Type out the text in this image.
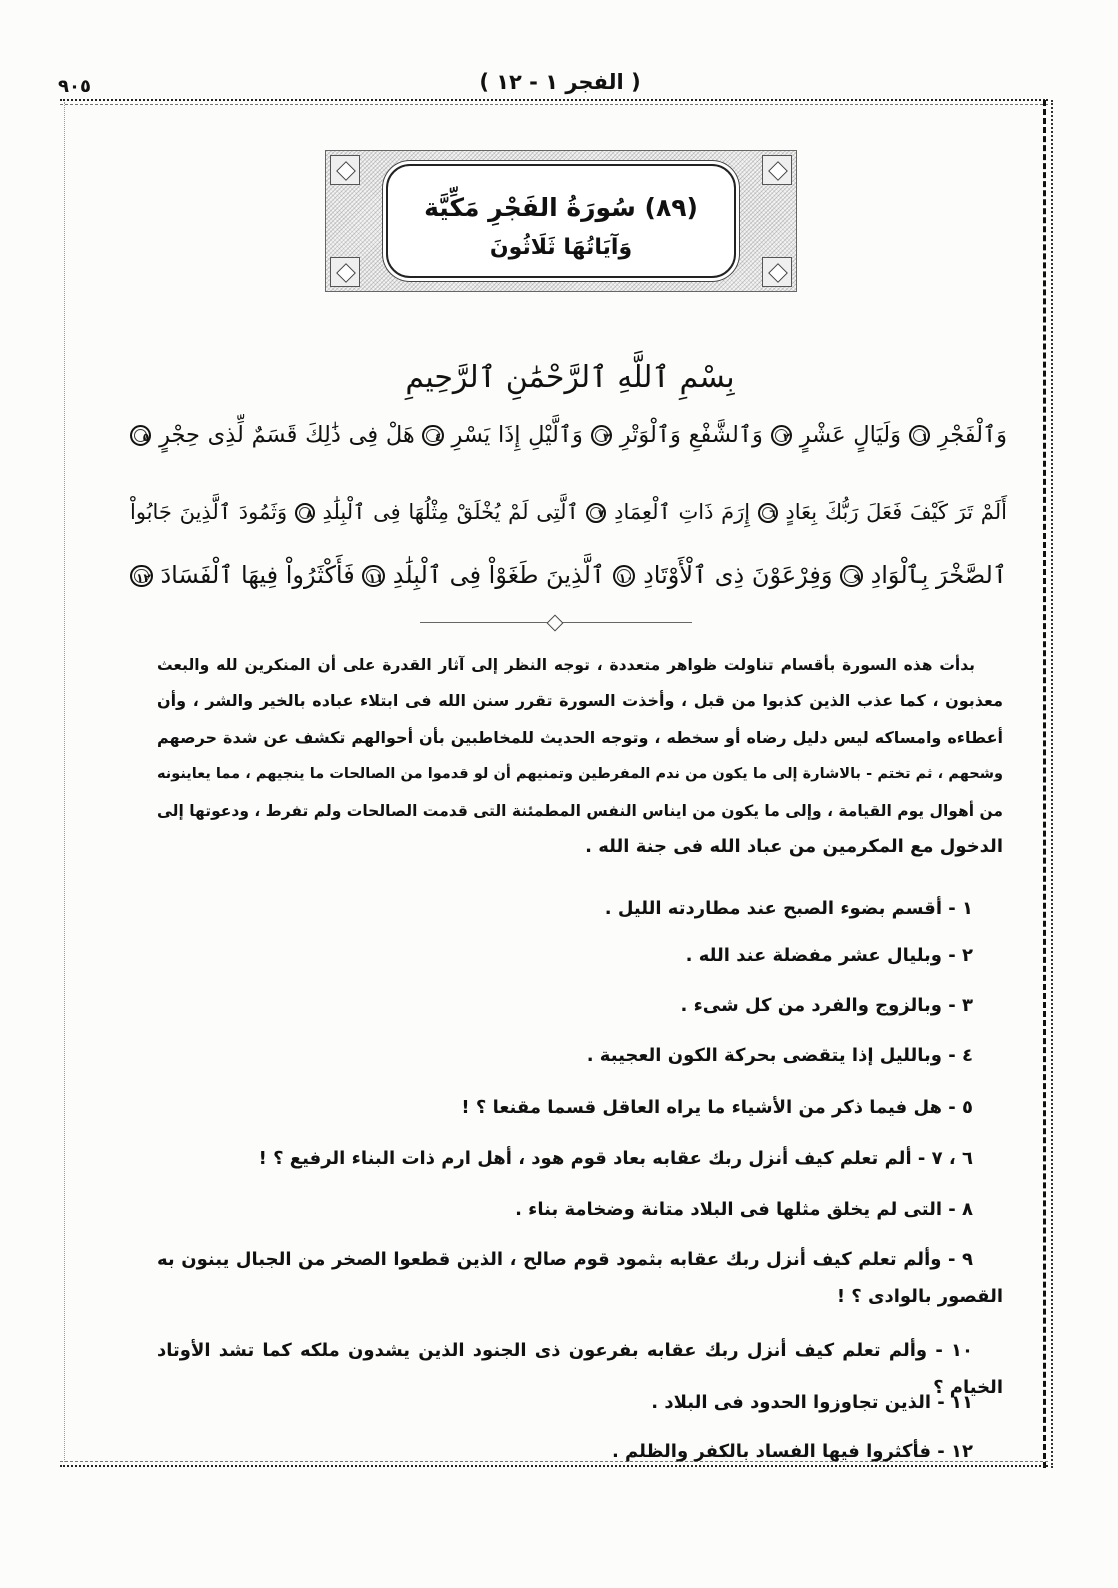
( الفجر ١ - ١٢ )
٩٠٥
(٨٩) سُورَةُ الفَجْرِ مَكِّيَّة
وَآيَاتُهَا ثَلَاثُونَ
بِسْمِ ٱللَّهِ ٱلرَّحْمَٰنِ ٱلرَّحِيمِ
وَٱلْفَجْرِ ١ وَلَيَالٍ عَشْرٍ ٢ وَٱلشَّفْعِ وَٱلْوَتْرِ ٣ وَٱلَّيْلِ إِذَا يَسْرِ ٤ هَلْ فِى ذَٰلِكَ قَسَمٌ لِّذِى حِجْرٍ ٥
أَلَمْ تَرَ كَيْفَ فَعَلَ رَبُّكَ بِعَادٍ ٦ إِرَمَ ذَاتِ ٱلْعِمَادِ ٧ ٱلَّتِى لَمْ يُخْلَقْ مِثْلُهَا فِى ٱلْبِلَٰدِ ٨ وَثَمُودَ ٱلَّذِينَ جَابُواْ
ٱلصَّخْرَ بِٱلْوَادِ ٩ وَفِرْعَوْنَ ذِى ٱلْأَوْتَادِ ١٠ ٱلَّذِينَ طَغَوْاْ فِى ٱلْبِلَٰدِ ١١ فَأَكْثَرُواْ فِيهَا ٱلْفَسَادَ ١٢
بدأت هذه السورة بأقسام تناولت ظواهر متعددة ، توجه النظر إلى آثار القدرة على أن المنكرين لله والبعث
معذبون ، كما عذب الذين كذبوا من قبل ، وأخذت السورة تقرر سنن الله فى ابتلاء عباده بالخير والشر ، وأن
أعطاءه وامساكه ليس دليل رضاه أو سخطه ، وتوجه الحديث للمخاطبين بأن أحوالهم تكشف عن شدة حرصهم
وشحهم ، ثم تختم - بالاشارة إلى ما يكون من ندم المفرطين وتمنيهم أن لو قدموا من الصالحات ما ينجيهم ، مما يعاينونه
من أهوال يوم القيامة ، وإلى ما يكون من ايناس النفس المطمئنة التى قدمت الصالحات ولم تفرط ، ودعوتها إلى
الدخول مع المكرمين من عباد الله فى جنة الله .
١ - أقسم بضوء الصبح عند مطاردته الليل .
٢ - وبليال عشر مفضلة عند الله .
٣ - وبالزوج والفرد من كل شىء .
٤ - وبالليل إذا يتقضى بحركة الكون العجيبة .
٥ - هل فيما ذكر من الأشياء ما يراه العاقل قسما مقنعا ؟ !
٦ ، ٧ - ألم تعلم كيف أنزل ربك عقابه بعاد قوم هود ، أهل ارم ذات البناء الرفيع ؟ !
٨ - التى لم يخلق مثلها فى البلاد متانة وضخامة بناء .
٩ - وألم تعلم كيف أنزل ربك عقابه بثمود قوم صالح ، الذين قطعوا الصخر من الجبال يبنون به القصور بالوادى ؟ !
١٠ - وألم تعلم كيف أنزل ربك عقابه بفرعون ذى الجنود الذين يشدون ملكه كما تشد الأوتاد الخيام ؟
١١ - الذين تجاوزوا الحدود فى البلاد .
١٢ - فأكثروا فيها الفساد بالكفر والظلم .
